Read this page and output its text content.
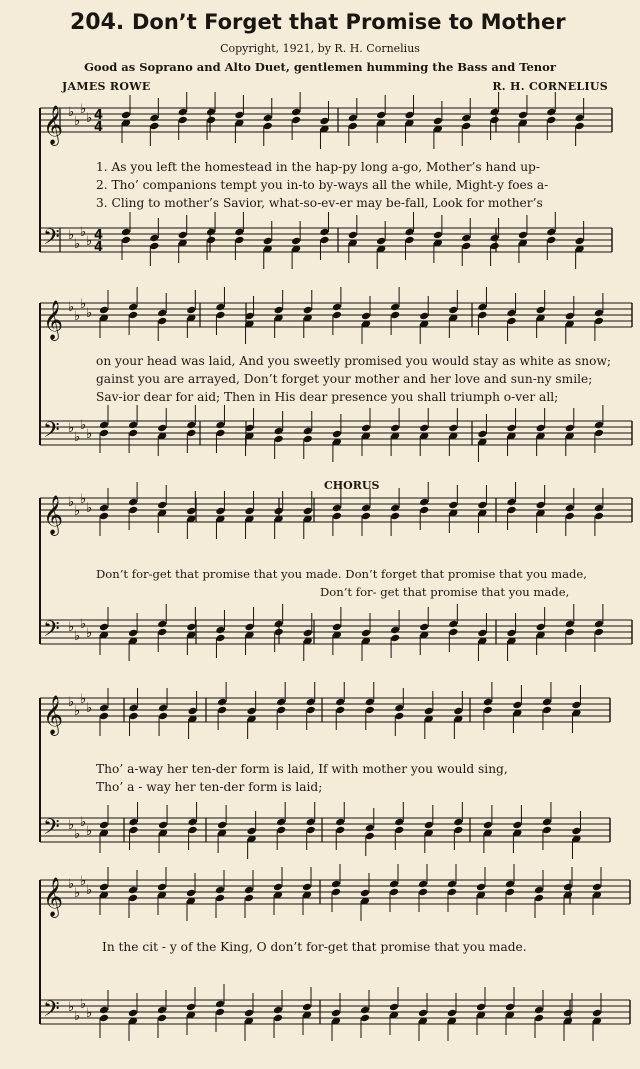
204. Don’t Forget that Promise to Mother
Copyright, 1921, by R. H. Cornelius
Good as Soprano and Alto Duet, gentlemen humming the Bass and Tenor
JAMES ROWE	R. H. CORNELIUS
CHORUS
𝄞 ♭
♭
♭
♭ 4
4
𝄢 ♭
♭
♭
♭ 4
4
𝄞 ♭
♭
♭
♭
𝄢 ♭
♭
♭
♭
𝄞 ♭
♭
♭
♭
𝄢 ♭
♭
♭
♭
𝄞 ♭
♭
♭
♭
𝄢 ♭
♭
♭
♭
𝄞 ♭
♭
♭
♭
𝄢 ♭
♭
♭
♭
1. As you left the homestead in the hap-py long a-go, Mother’s hand up-
2. Tho’ companions tempt you in-to by-ways all the while, Might-y foes a-
3. Cling to mother’s Savior, what-so-ev-er may be-fall, Look for mother’s
on your head was laid, And you sweetly promised you would stay as white as snow;
gainst you are arrayed, Don’t forget your mother and her love and sun-ny smile;
Sav-ior dear for aid; Then in His dear presence you shall triumph o-ver all;
Don’t for-get that promise that you made. Don’t forget that promise that you made,
Don’t for- get that promise that you made,
Tho’ a-way her ten-der form is laid, If with mother you would sing,
Tho’ a - way her ten-der form is laid;
In the cit - y of the King, O don’t for-get that promise that you made.
